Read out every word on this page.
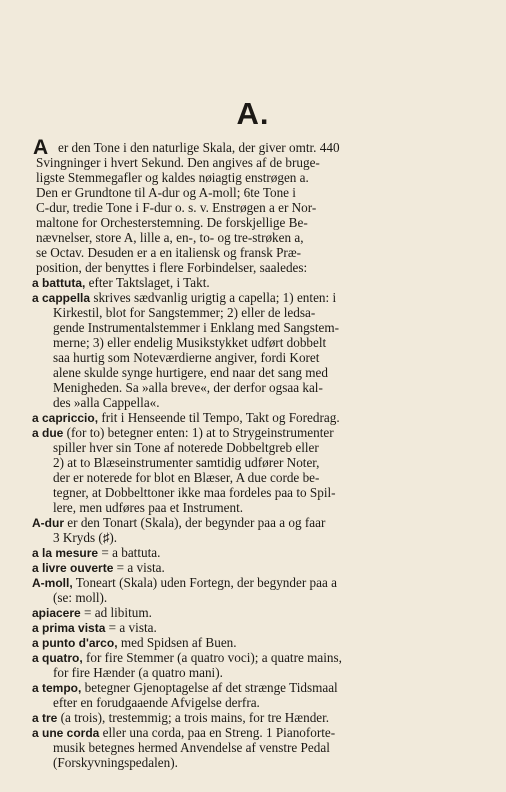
A.
A er den Tone i den naturlige Skala, der giver omtr. 440
Svingninger i hvert Sekund. Den angives af de bruge-
ligste Stemmegafler og kaldes nøiagtig enstrøgen a.
Den er Grundtone til A-dur og A-moll; 6te Tone i
C-dur, tredie Tone i F-dur o. s. v. Enstrøgen a er Nor-
maltone for Orchesterstemning. De forskjellige Be-
nævnelser, store A, lille a, en-, to- og tre-strøken a,
se Octav. Desuden er a en italiensk og fransk Præ-
position, der benyttes i flere Forbindelser, saaledes:
a battuta, efter Taktslaget, i Takt.
a cappella skrives sædvanlig urigtig a capella; 1) enten: i
Kirkestil, blot for Sangstemmer; 2) eller de ledsa-
gende Instrumentalstemmer i Enklang med Sangstem-
merne; 3) eller endelig Musikstykket udført dobbelt
saa hurtig som Noteværdierne angiver, fordi Koret
alene skulde synge hurtigere, end naar det sang med
Menigheden. Sa »alla breve«, der derfor ogsaa kal-
des »alla Cappella«.
a capriccio, frit i Henseende til Tempo, Takt og Foredrag.
a due (for to) betegner enten: 1) at to Strygeinstrumenter
spiller hver sin Tone af noterede Dobbeltgreb eller
2) at to Blæseinstrumenter samtidig udfører Noter,
der er noterede for blot en Blæser, A due corde be-
tegner, at Dobbelttoner ikke maa fordeles paa to Spil-
lere, men udføres paa et Instrument.
A-dur er den Tonart (Skala), der begynder paa a og faar
3 Kryds (♯).
a la mesure = a battuta.
a livre ouverte = a vista.
A-moll, Toneart (Skala) uden Fortegn, der begynder paa a
(se: moll).
apiacere = ad libitum.
a prima vista = a vista.
a punto d'arco, med Spidsen af Buen.
a quatro, for fire Stemmer (a quatro voci); a quatre mains,
for fire Hænder (a quatro mani).
a tempo, betegner Gjenoptagelse af det strænge Tidsmaal
efter en forudgaaende Afvigelse derfra.
a tre (a trois), trestemmig; a trois mains, for tre Hænder.
a une corda eller una corda, paa en Streng. 1 Pianoforte-
musik betegnes hermed Anvendelse af venstre Pedal
(Forskyvningspedalen).
